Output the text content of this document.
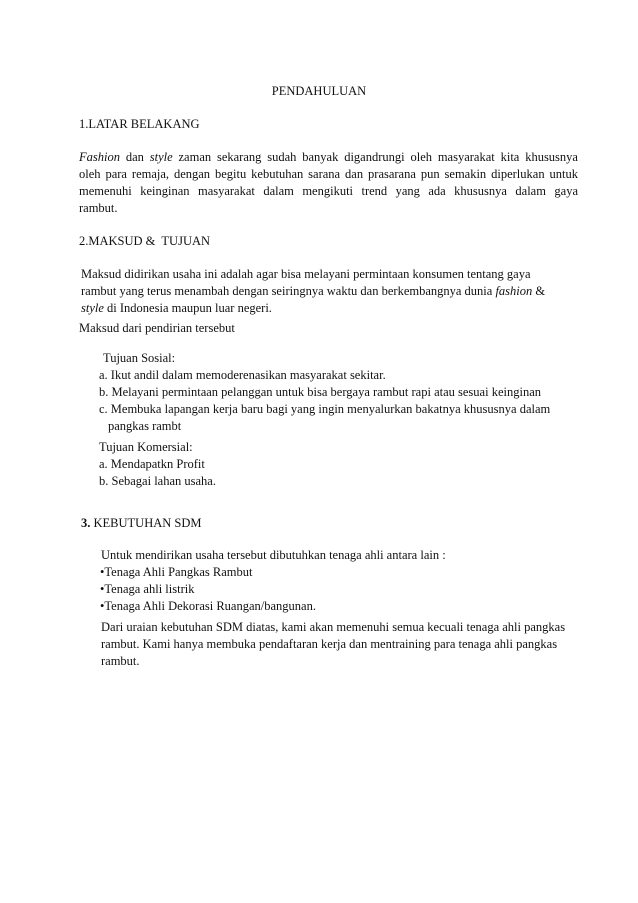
PENDAHULUAN
1.LATAR BELAKANG
Fashion dan style zaman sekarang sudah banyak digandrungi oleh masyarakat kita khususnya
oleh para remaja, dengan begitu kebutuhan sarana dan prasarana pun semakin diperlukan untuk
memenuhi keinginan masyarakat dalam mengikuti trend yang ada khususnya dalam gaya
rambut.
2.MAKSUD &  TUJUAN
Maksud didirikan usaha ini adalah agar bisa melayani permintaan konsumen tentang gaya
rambut yang terus menambah dengan seiringnya waktu dan berkembangnya dunia fashion &
style di Indonesia maupun luar negeri.
Maksud dari pendirian tersebut
Tujuan Sosial:
a. Ikut andil dalam memoderenasikan masyarakat sekitar.
b. Melayani permintaan pelanggan untuk bisa bergaya rambut rapi atau sesuai keinginan
c. Membuka lapangan kerja baru bagi yang ingin menyalurkan bakatnya khususnya dalam
pangkas rambt
Tujuan Komersial:
a. Mendapatkn Profit
b. Sebagai lahan usaha.
3. KEBUTUHAN SDM
Untuk mendirikan usaha tersebut dibutuhkan tenaga ahli antara lain :
•Tenaga Ahli Pangkas Rambut
•Tenaga ahli listrik
•Tenaga Ahli Dekorasi Ruangan/bangunan.
Dari uraian kebutuhan SDM diatas, kami akan memenuhi semua kecuali tenaga ahli pangkas
rambut. Kami hanya membuka pendaftaran kerja dan mentraining para tenaga ahli pangkas
rambut.
